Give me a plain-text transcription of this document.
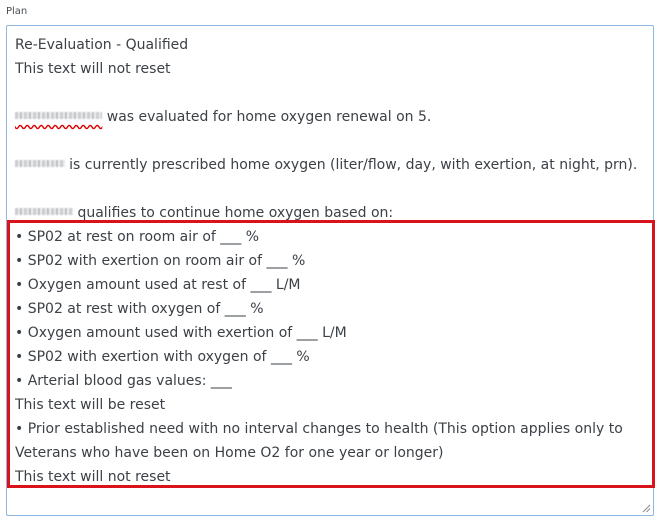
Plan
Re-Evaluation - Qualified
This text will not reset
was evaluated for home oxygen renewal on 5.
is currently prescribed home oxygen (liter/flow, day, with exertion, at night, prn).
qualifies to continue home oxygen based on:
• SP02 at rest on room air of ___ %
• SP02 with exertion on room air of ___ %
• Oxygen amount used at rest of ___ L/M
• SP02 at rest with oxygen of ___ %
• Oxygen amount used with exertion of ___ L/M
• SP02 with exertion with oxygen of ___ %
• Arterial blood gas values: ___
This text will be reset
• Prior established need with no interval changes to health (This option applies only to Veterans who have been on Home O2 for one year or longer)
This text will not reset
